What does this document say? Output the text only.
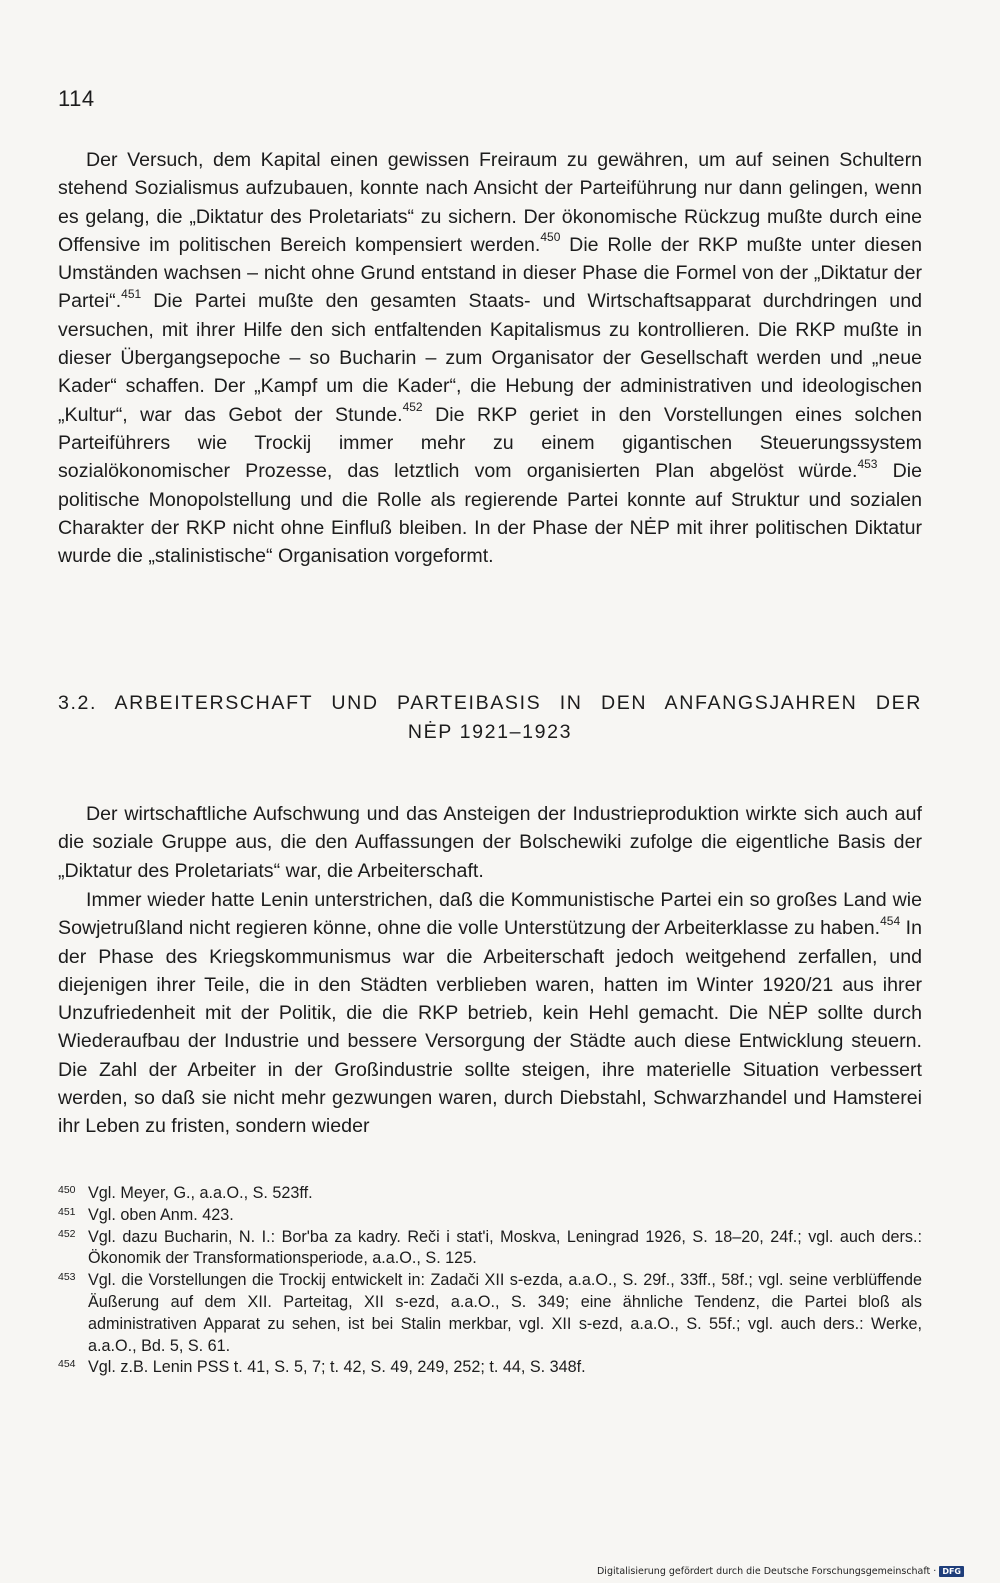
114

Der Versuch, dem Kapital einen gewissen Freiraum zu gewähren, um auf seinen Schultern stehend Sozialismus aufzubauen, konnte nach Ansicht der Parteiführung nur dann gelingen, wenn es gelang, die „Diktatur des Proletariats“ zu sichern. Der ökonomische Rückzug mußte durch eine Offensive im politischen Bereich kompensiert werden.$^{450}$ Die Rolle der RKP mußte unter diesen Umständen wachsen – nicht ohne Grund entstand in dieser Phase die Formel von der „Diktatur der Partei“.$^{451}$ Die Partei mußte den gesamten Staats- und Wirtschaftsapparat durchdringen und versuchen, mit ihrer Hilfe den sich entfaltenden Kapitalismus zu kontrollieren. Die RKP mußte in dieser Übergangsepoche – so Bucharin – zum Organisator der Gesellschaft werden und „neue Kader“ schaffen. Der „Kampf um die Kader“, die Hebung der administrativen und ideologischen „Kultur“, war das Gebot der Stunde.$^{452}$ Die RKP geriet in den Vorstellungen eines solchen Parteiführers wie Trockij immer mehr zu einem gigantischen Steuerungssystem sozialökonomischer Prozesse, das letztlich vom organisierten Plan abgelöst würde.$^{453}$ Die politische Monopolstellung und die Rolle als regierende Partei konnte auf Struktur und sozialen Charakter der RKP nicht ohne Einfluß bleiben. In der Phase der NĖP mit ihrer politischen Diktatur wurde die „stalinistische“ Organisation vorgeformt.

3.2. ARBEITERSCHAFT UND PARTEIBASIS IN DEN ANFANGSJAHREN DER
NĖP 1921–1923

Der wirtschaftliche Aufschwung und das Ansteigen der Industrieproduktion wirkte sich auch auf die soziale Gruppe aus, die den Auffassungen der Bolschewiki zufolge die eigentliche Basis der „Diktatur des Proletariats“ war, die Arbeiterschaft.

Immer wieder hatte Lenin unterstrichen, daß die Kommunistische Partei ein so großes Land wie Sowjetrußland nicht regieren könne, ohne die volle Unterstützung der Arbeiterklasse zu haben.$^{454}$ In der Phase des Kriegskommunismus war die Arbeiterschaft jedoch weitgehend zerfallen, und diejenigen ihrer Teile, die in den Städten verblieben waren, hatten im Winter 1920/21 aus ihrer Unzufriedenheit mit der Politik, die die RKP betrieb, kein Hehl gemacht. Die NĖP sollte durch Wiederaufbau der Industrie und bessere Versorgung der Städte auch diese Entwicklung steuern. Die Zahl der Arbeiter in der Großindustrie sollte steigen, ihre materielle Situation verbessert werden, so daß sie nicht mehr gezwungen waren, durch Diebstahl, Schwarzhandel und Hamsterei ihr Leben zu fristen, sondern wieder

450 Vgl. Meyer, G., a.a.O., S. 523ff.
451 Vgl. oben Anm. 423.
452 Vgl. dazu Bucharin, N. I.: Bor'ba za kadry. Reči i stat'i, Moskva, Leningrad 1926, S. 18–20, 24f.; vgl. auch ders.: Ökonomik der Transformationsperiode, a.a.O., S. 125.
453 Vgl. die Vorstellungen die Trockij entwickelt in: Zadači XII s-ezda, a.a.O., S. 29f., 33ff., 58f.; vgl. seine verblüffende Äußerung auf dem XII. Parteitag, XII s-ezd, a.a.O., S. 349; eine ähnliche Tendenz, die Partei bloß als administrativen Apparat zu sehen, ist bei Stalin merkbar, vgl. XII s-ezd, a.a.O., S. 55f.; vgl. auch ders.: Werke, a.a.O., Bd. 5, S. 61.
454 Vgl. z.B. Lenin PSS t. 41, S. 5, 7; t. 42, S. 49, 249, 252; t. 44, S. 348f.
Digitalisierung gefördert durch die Deutsche Forschungsgemeinschaft · DFG
